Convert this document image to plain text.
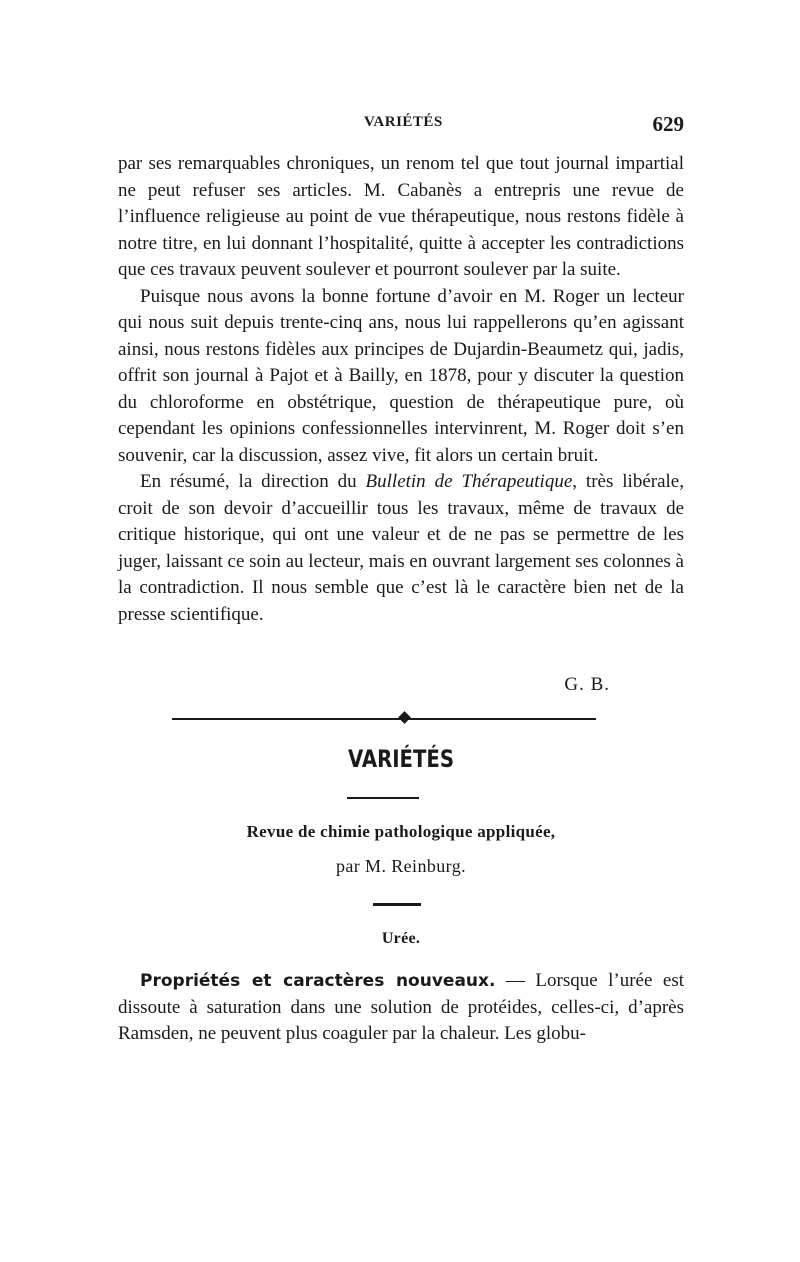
VARIÉTÉS	629

par ses remarquables chroniques, un renom tel que tout journal impartial ne peut refuser ses articles. M. Cabanès a entrepris une revue de l’influence religieuse au point de vue thérapeutique, nous restons fidèle à notre titre, en lui donnant l’hospitalité, quitte à accepter les contradictions que ces travaux peuvent soulever et pourront soulever par la suite.

Puisque nous avons la bonne fortune d’avoir en M. Roger un lecteur qui nous suit depuis trente-cinq ans, nous lui rappellerons qu’en agissant ainsi, nous restons fidèles aux principes de Dujardin-Beaumetz qui, jadis, offrit son journal à Pajot et à Bailly, en 1878, pour y discuter la question du chloroforme en obstétrique, question de thérapeutique pure, où cependant les opinions confessionnelles intervinrent, M. Roger doit s’en souvenir, car la discussion, assez vive, fit alors un certain bruit.

En résumé, la direction du Bulletin de Thérapeutique, très libérale, croit de son devoir d’accueillir tous les travaux, même de travaux de critique historique, qui ont une valeur et de ne pas se permettre de les juger, laissant ce soin au lecteur, mais en ouvrant largement ses colonnes à la contradiction. Il nous semble que c’est là le caractère bien net de la presse scientifique.

G. B.
VARIÉTÉS
Revue de chimie pathologique appliquée,
par M. Reinburg.
Urée.

Propriétés et caractères nouveaux. — Lorsque l’urée est dissoute à saturation dans une solution de protéides, celles-ci, d’après Ramsden, ne peuvent plus coaguler par la chaleur. Les globu-
